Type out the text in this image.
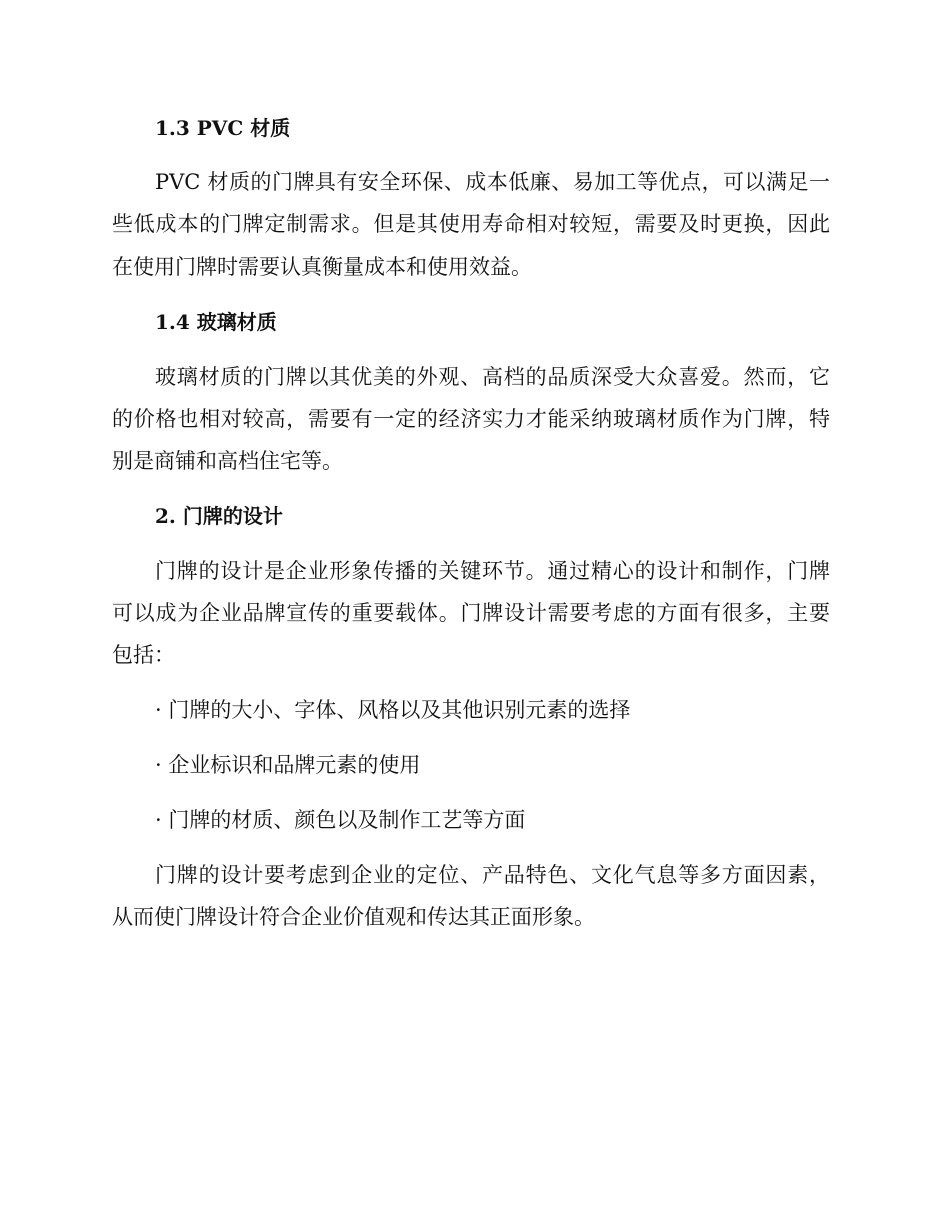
1.3 PVC 材质
PVC 材质的门牌具有安全环保、成本低廉、易加工等优点，可以满足一
些低成本的门牌定制需求。但是其使用寿命相对较短，需要及时更换，因此
在使用门牌时需要认真衡量成本和使用效益。
1.4 玻璃材质
玻璃材质的门牌以其优美的外观、高档的品质深受大众喜爱。然而，它
的价格也相对较高，需要有一定的经济实力才能采纳玻璃材质作为门牌，特
别是商铺和高档住宅等。
2. 门牌的设计
门牌的设计是企业形象传播的关键环节。通过精心的设计和制作，门牌
可以成为企业品牌宣传的重要载体。门牌设计需要考虑的方面有很多，主要
包括：
· 门牌的大小、字体、风格以及其他识别元素的选择
· 企业标识和品牌元素的使用
· 门牌的材质、颜色以及制作工艺等方面
门牌的设计要考虑到企业的定位、产品特色、文化气息等多方面因素，
从而使门牌设计符合企业价值观和传达其正面形象。
